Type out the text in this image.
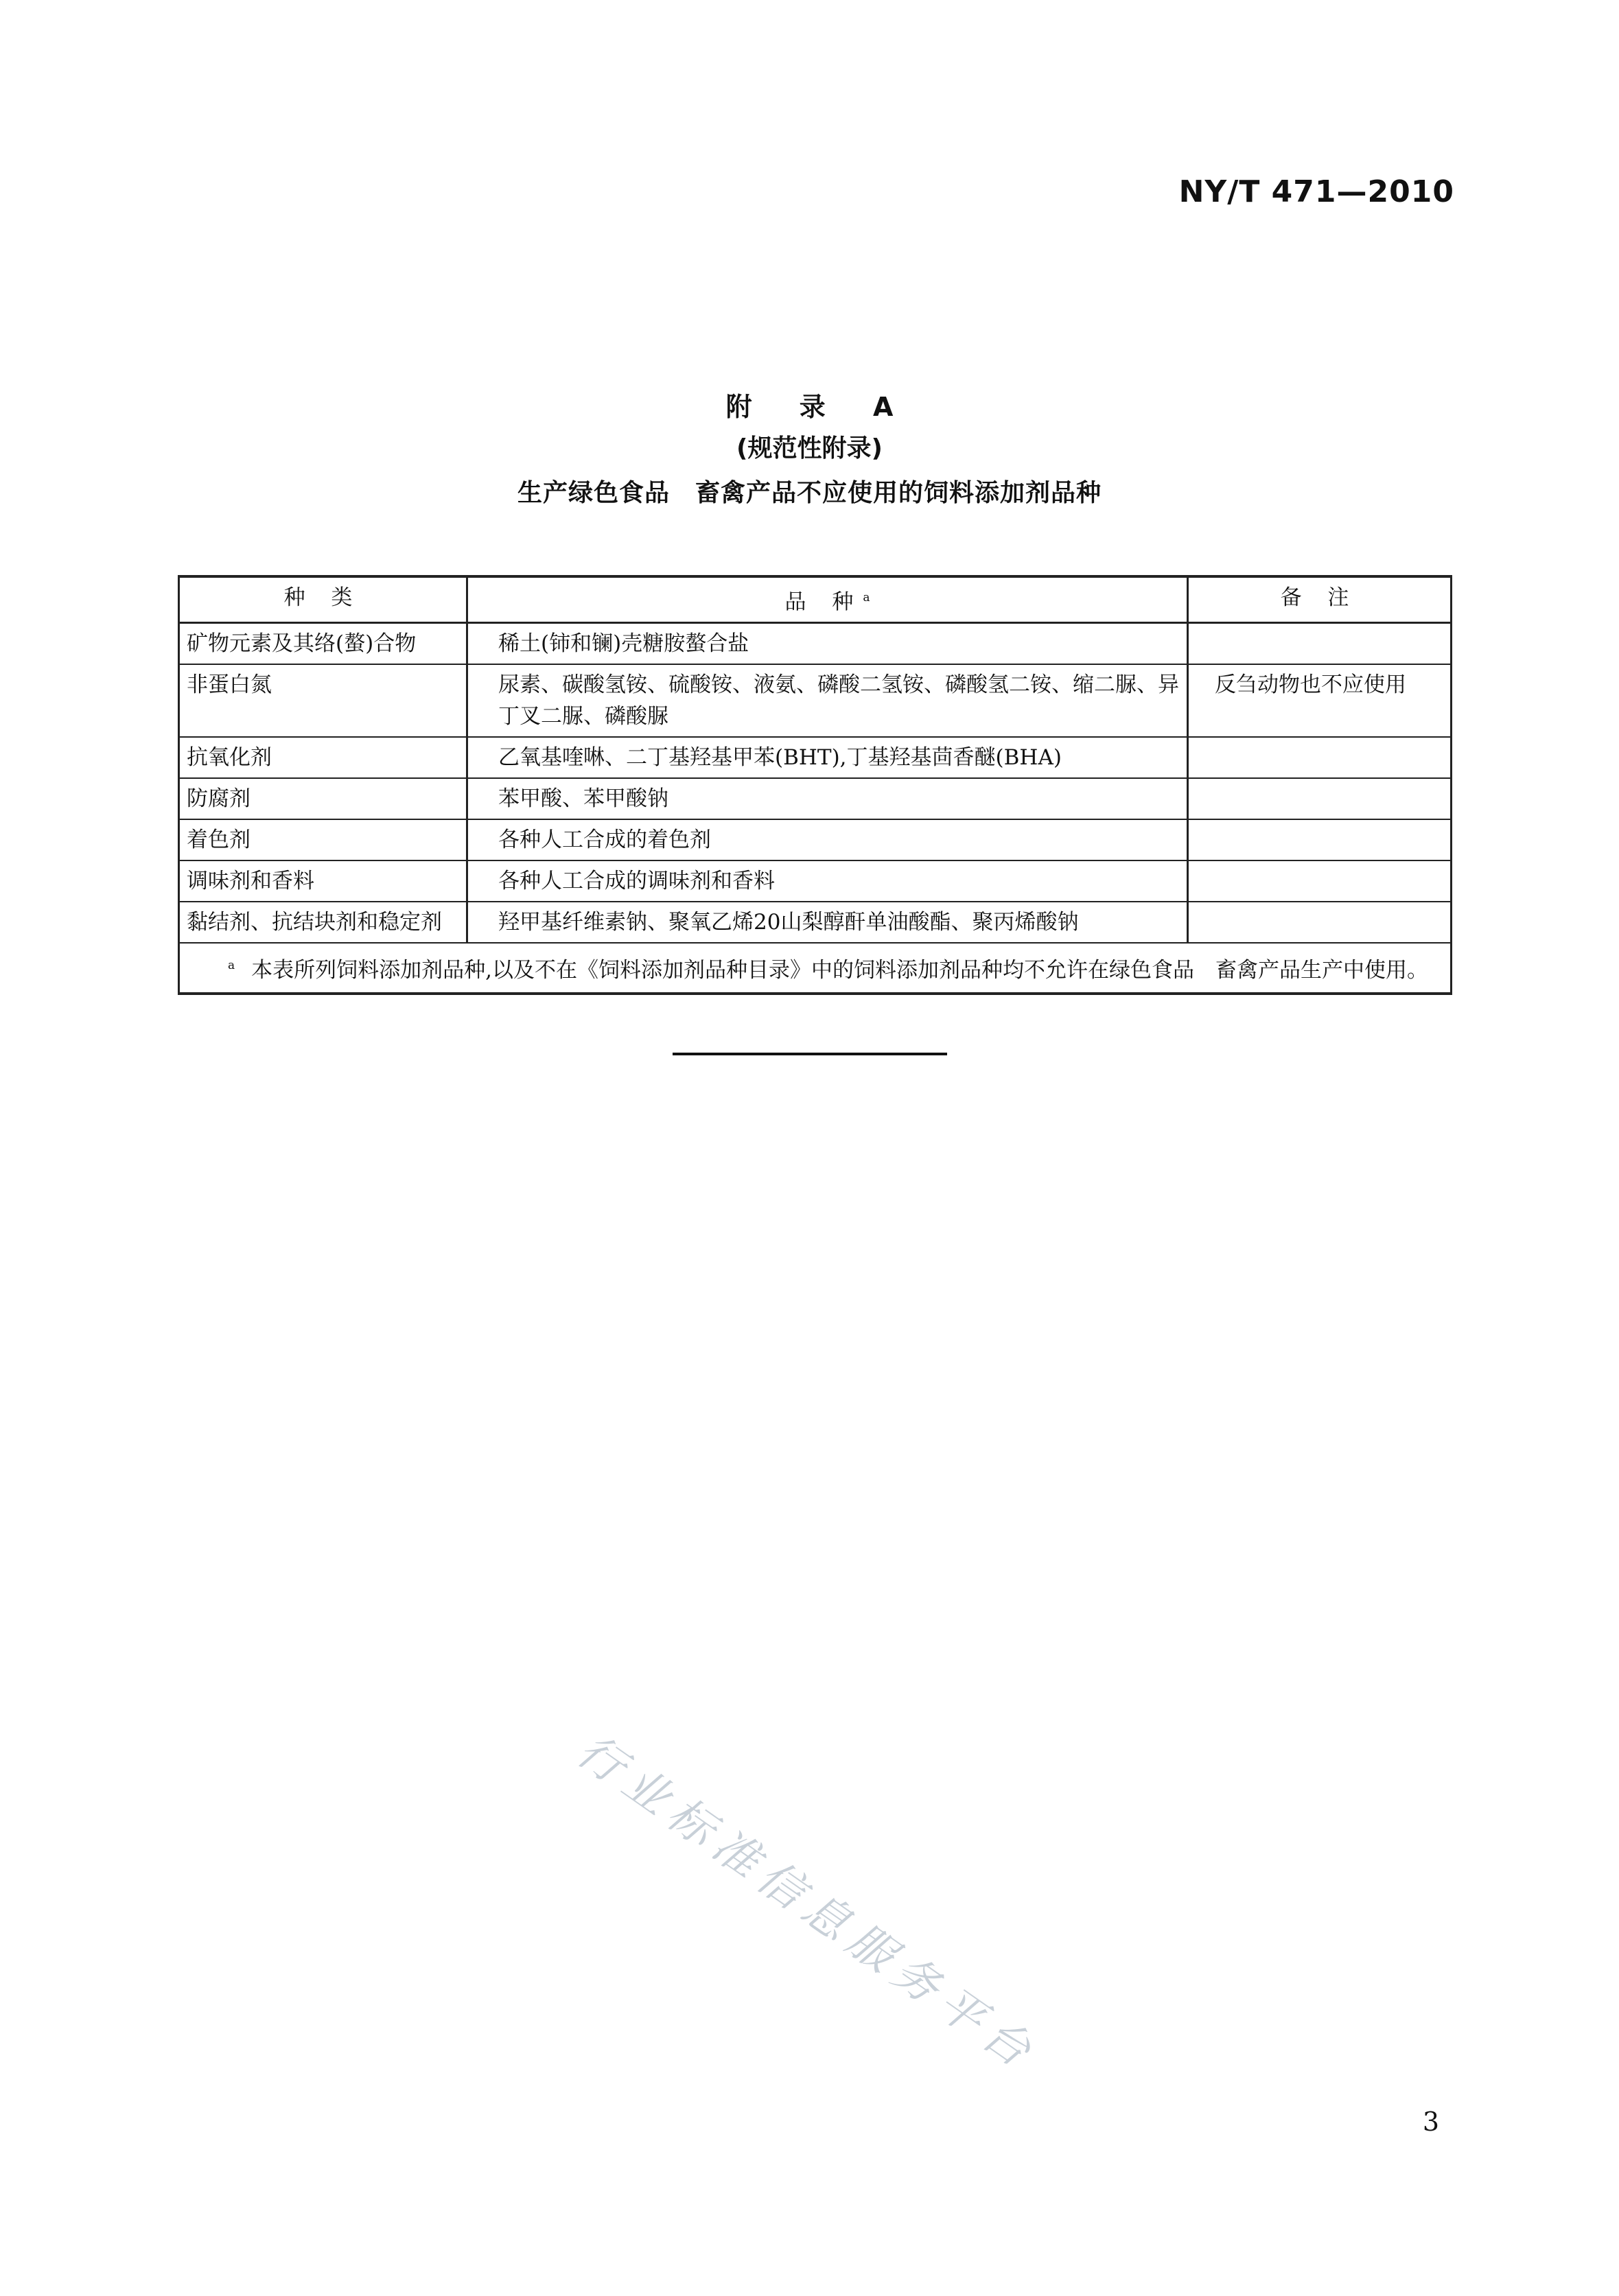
NY/T 471—2010
附 录 A
(规范性附录)
生产绿色食品　畜禽产品不应使用的饲料添加剂品种
种 类	品 种$^a$	备 注
矿物元素及其络(螯)合物	稀土(铈和镧)壳糖胺螯合盐	
非蛋白氮	尿素、碳酸氢铵、硫酸铵、液氨、磷酸二氢铵、磷酸氢二铵、缩二脲、异丁叉二脲、磷酸脲	反刍动物也不应使用
抗氧化剂	乙氧基喹啉、二丁基羟基甲苯(BHT),丁基羟基茴香醚(BHA)	
防腐剂	苯甲酸、苯甲酸钠	
着色剂	各种人工合成的着色剂	
调味剂和香料	各种人工合成的调味剂和香料	
黏结剂、抗结块剂和稳定剂	羟甲基纤维素钠、聚氧乙烯20山梨醇酐单油酸酯、聚丙烯酸钠	
$^a$ 本表所列饲料添加剂品种,以及不在《饲料添加剂品种目录》中的饲料添加剂品种均不允许在绿色食品　畜禽产品生产中使用。		
行业标准信息服务平台
3
